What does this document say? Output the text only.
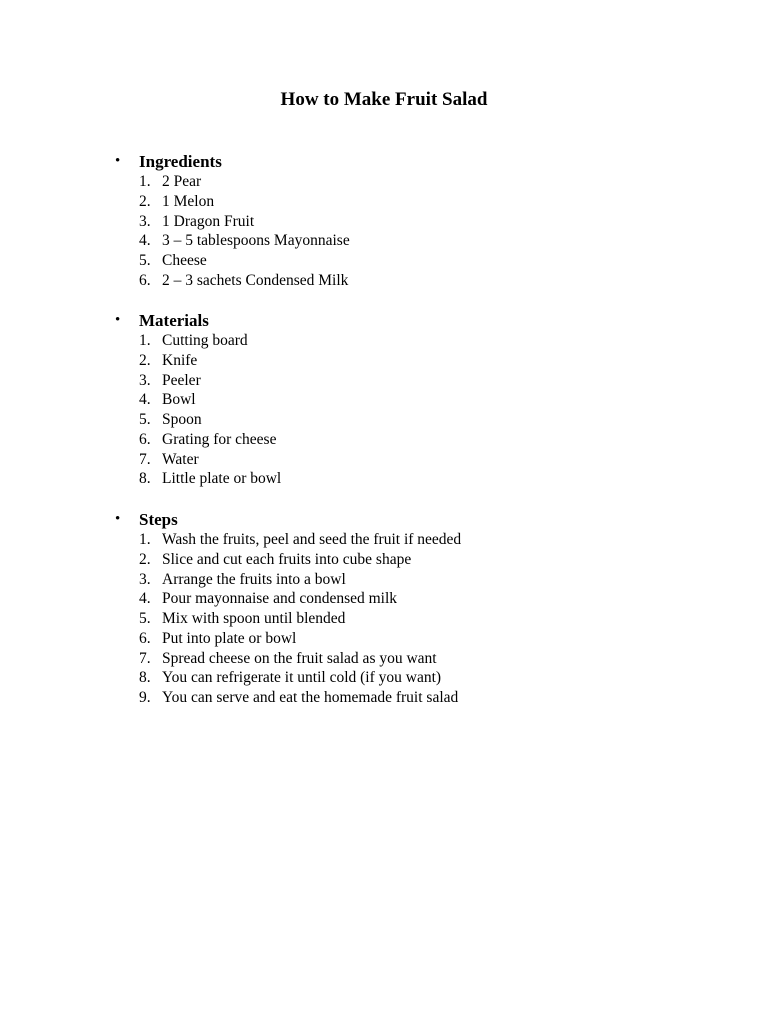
How to Make Fruit Salad
• Ingredients
1. 2 Pear
2. 1 Melon
3. 1 Dragon Fruit
4. 3 – 5 tablespoons Mayonnaise
5. Cheese
6. 2 – 3 sachets Condensed Milk
• Materials
1. Cutting board
2. Knife
3. Peeler
4. Bowl
5. Spoon
6. Grating for cheese
7. Water
8. Little plate or bowl
• Steps
1. Wash the fruits, peel and seed the fruit if needed
2. Slice and cut each fruits into cube shape
3. Arrange the fruits into a bowl
4. Pour mayonnaise and condensed milk
5. Mix with spoon until blended
6. Put into plate or bowl
7. Spread cheese on the fruit salad as you want
8. You can refrigerate it until cold (if you want)
9. You can serve and eat the homemade fruit salad
